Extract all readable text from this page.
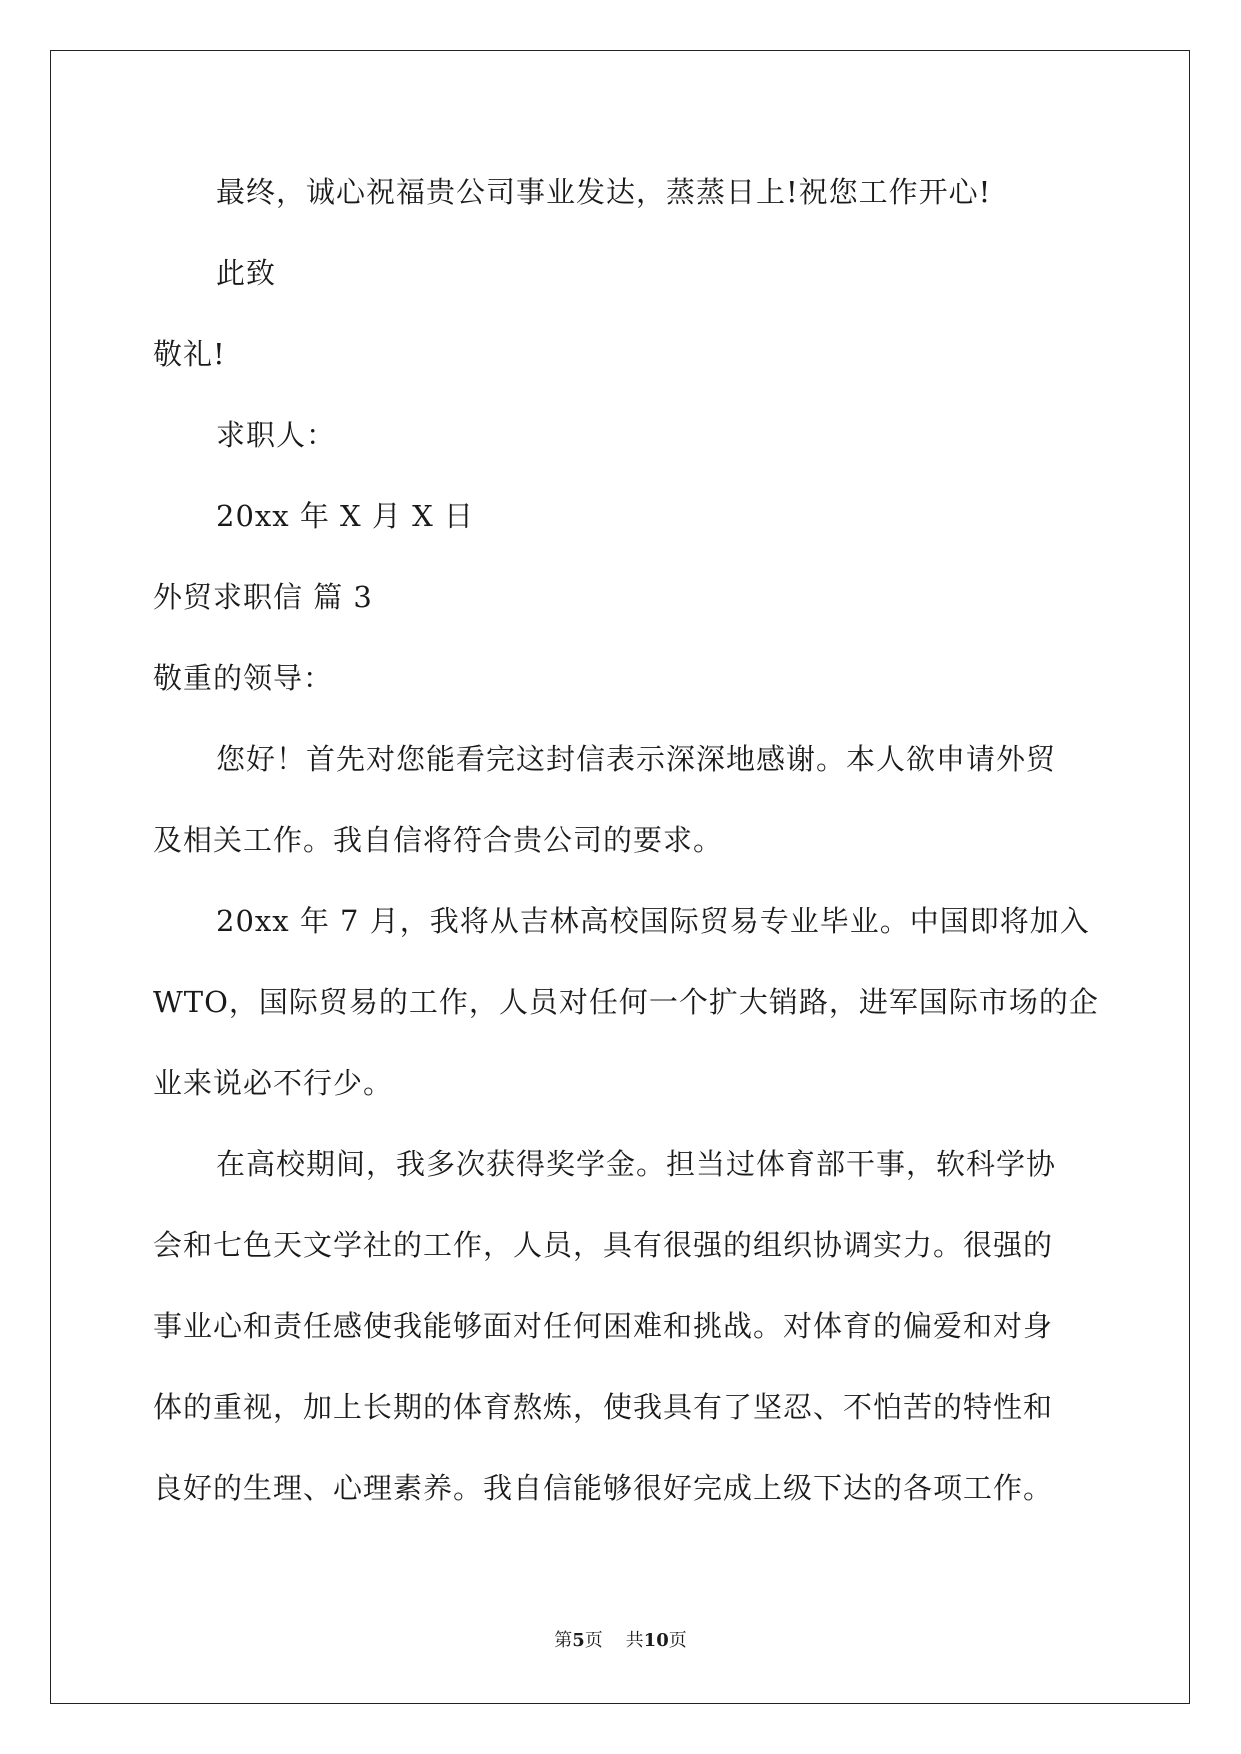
最终，诚心祝福贵公司事业发达，蒸蒸日上!祝您工作开心!
此致
敬礼!
求职人：
20xx 年 X 月 X 日
外贸求职信 篇 3
敬重的领导：
您好！首先对您能看完这封信表示深深地感谢。本人欲申请外贸
及相关工作。我自信将符合贵公司的要求。
20xx 年 7 月，我将从吉林高校国际贸易专业毕业。中国即将加入
WTO，国际贸易的工作，人员对任何一个扩大销路，进军国际市场的企
业来说必不行少。
在高校期间，我多次获得奖学金。担当过体育部干事，软科学协
会和七色天文学社的工作，人员，具有很强的组织协调实力。很强的
事业心和责任感使我能够面对任何困难和挑战。对体育的偏爱和对身
体的重视，加上长期的体育熬炼，使我具有了坚忍、不怕苦的特性和
良好的生理、心理素养。我自信能够很好完成上级下达的各项工作。
第5页 共10页
